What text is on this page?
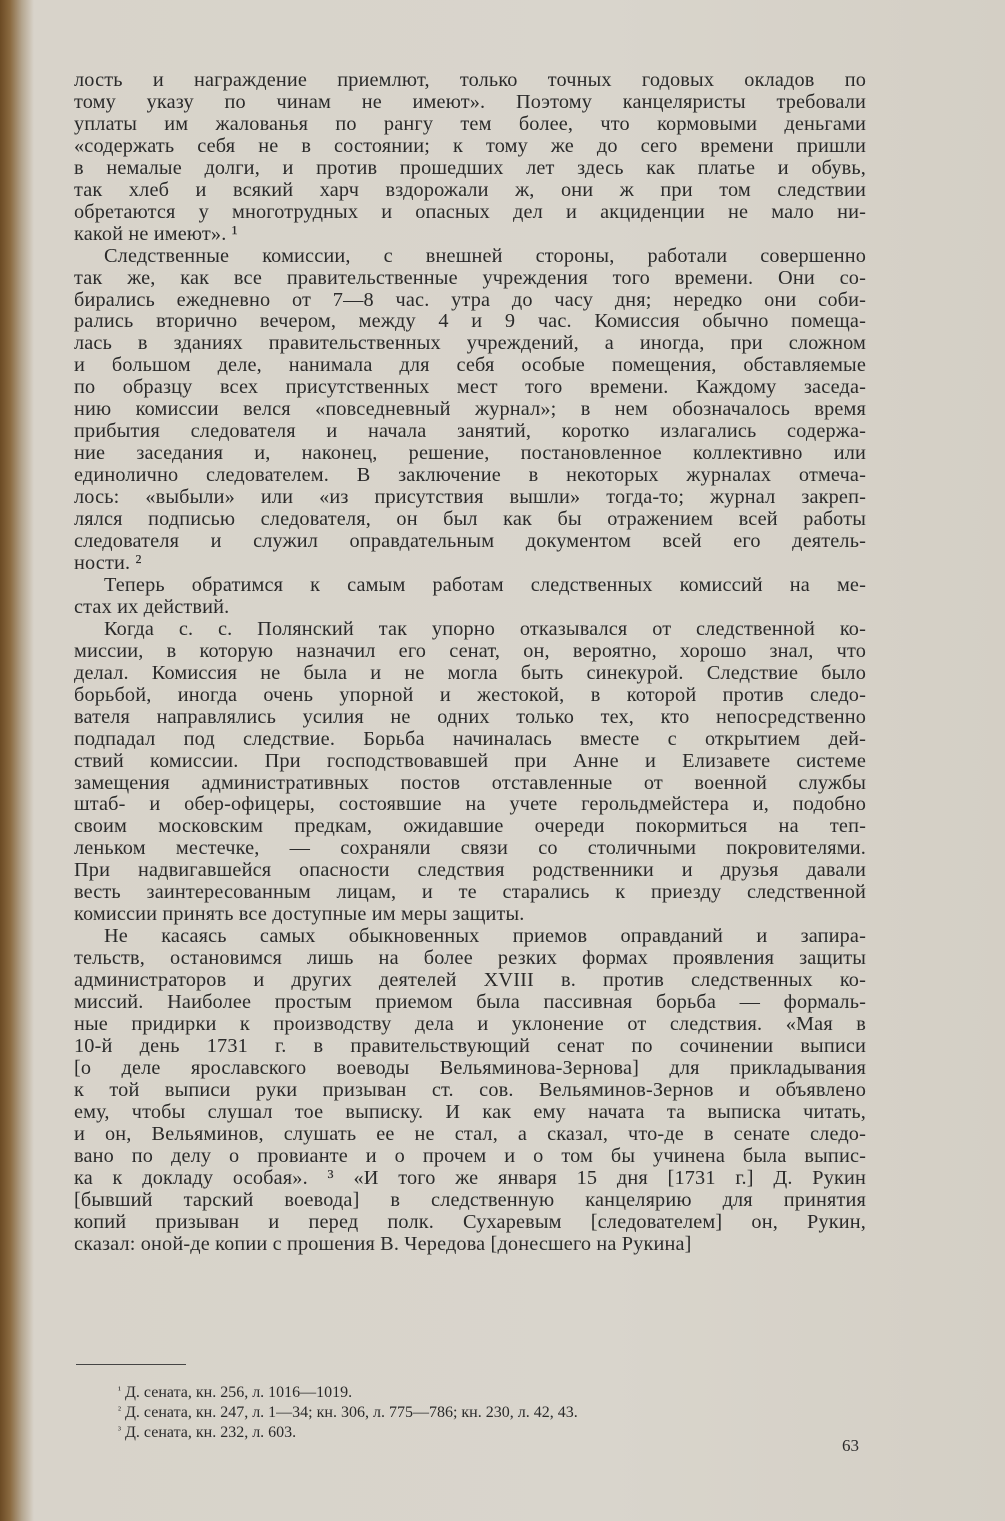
лость и награждение приемлют, только точных годовых окладов по
тому указу по чинам не имеют». Поэтому канцеляристы требовали
уплаты им жалованья по рангу тем более, что кормовыми деньгами
«содержать себя не в состоянии; к тому же до сего времени пришли
в немалые долги, и против прошедших лет здесь как платье и обувь,
так хлеб и всякий харч вздорожали ж, они ж при том следствии
обретаются у многотрудных и опасных дел и акциденции не мало ни-
какой не имеют». ¹
Следственные комиссии, с внешней стороны, работали совершенно
так же, как все правительственные учреждения того времени. Они со-
бирались ежедневно от 7—8 час. утра до часу дня; нередко они соби-
рались вторично вечером, между 4 и 9 час. Комиссия обычно помеща-
лась в зданиях правительственных учреждений, а иногда, при сложном
и большом деле, нанимала для себя особые помещения, обставляемые
по образцу всех присутственных мест того времени. Каждому заседа-
нию комиссии велся «повседневный журнал»; в нем обозначалось время
прибытия следователя и начала занятий, коротко излагались содержа-
ние заседания и, наконец, решение, постановленное коллективно или
единолично следователем. В заключение в некоторых журналах отмеча-
лось: «выбыли» или «из присутствия вышли» тогда-то; журнал закреп-
лялся подписью следователя, он был как бы отражением всей работы
следователя и служил оправдательным документом всей его деятель-
ности. ²
Теперь обратимся к самым работам следственных комиссий на ме-
стах их действий.
Когда с. с. Полянский так упорно отказывался от следственной ко-
миссии, в которую назначил его сенат, он, вероятно, хорошо знал, что
делал. Комиссия не была и не могла быть синекурой. Следствие было
борьбой, иногда очень упорной и жестокой, в которой против следо-
вателя направлялись усилия не одних только тех, кто непосредственно
подпадал под следствие. Борьба начиналась вместе с открытием дей-
ствий комиссии. При господствовавшей при Анне и Елизавете системе
замещения административных постов отставленные от военной службы
штаб- и обер-офицеры, состоявшие на учете герольдмейстера и, подобно
своим московским предкам, ожидавшие очереди покормиться на теп-
леньком местечке, — сохраняли связи со столичными покровителями.
При надвигавшейся опасности следствия родственники и друзья давали
весть заинтересованным лицам, и те старались к приезду следственной
комиссии принять все доступные им меры защиты.
Не касаясь самых обыкновенных приемов оправданий и запира-
тельств, остановимся лишь на более резких формах проявления защиты
администраторов и других деятелей XVIII в. против следственных ко-
миссий. Наиболее простым приемом была пассивная борьба — формаль-
ные придирки к производству дела и уклонение от следствия. «Мая в
10-й день 1731 г. в правительствующий сенат по сочинении выписи
[о деле ярославского воеводы Вельяминова-Зернова] для прикладывания
к той выписи руки призыван ст. сов. Вельяминов-Зернов и объявлено
ему, чтобы слушал тое выписку. И как ему начата та выписка читать,
и он, Вельяминов, слушать ее не стал, а сказал, что-де в сенате следо-
вано по делу о провианте и о прочем и о том бы учинена была выпис-
ка к докладу особая». ³ «И того же января 15 дня [1731 г.] Д. Рукин
[бывший тарский воевода] в следственную канцелярию для принятия
копий призыван и перед полк. Сухаревым [следователем] он, Рукин,
сказал: оной-де копии с прошения В. Чередова [донесшего на Рукина]
$^{^1}$ Д. сената, кн. 256, л. 1016—1019.
$^{^2}$ Д. сената, кн. 247, л. 1—34; кн. 306, л. 775—786; кн. 230, л. 42, 43.
$^{^3}$ Д. сената, кн. 232, л. 603.
63
